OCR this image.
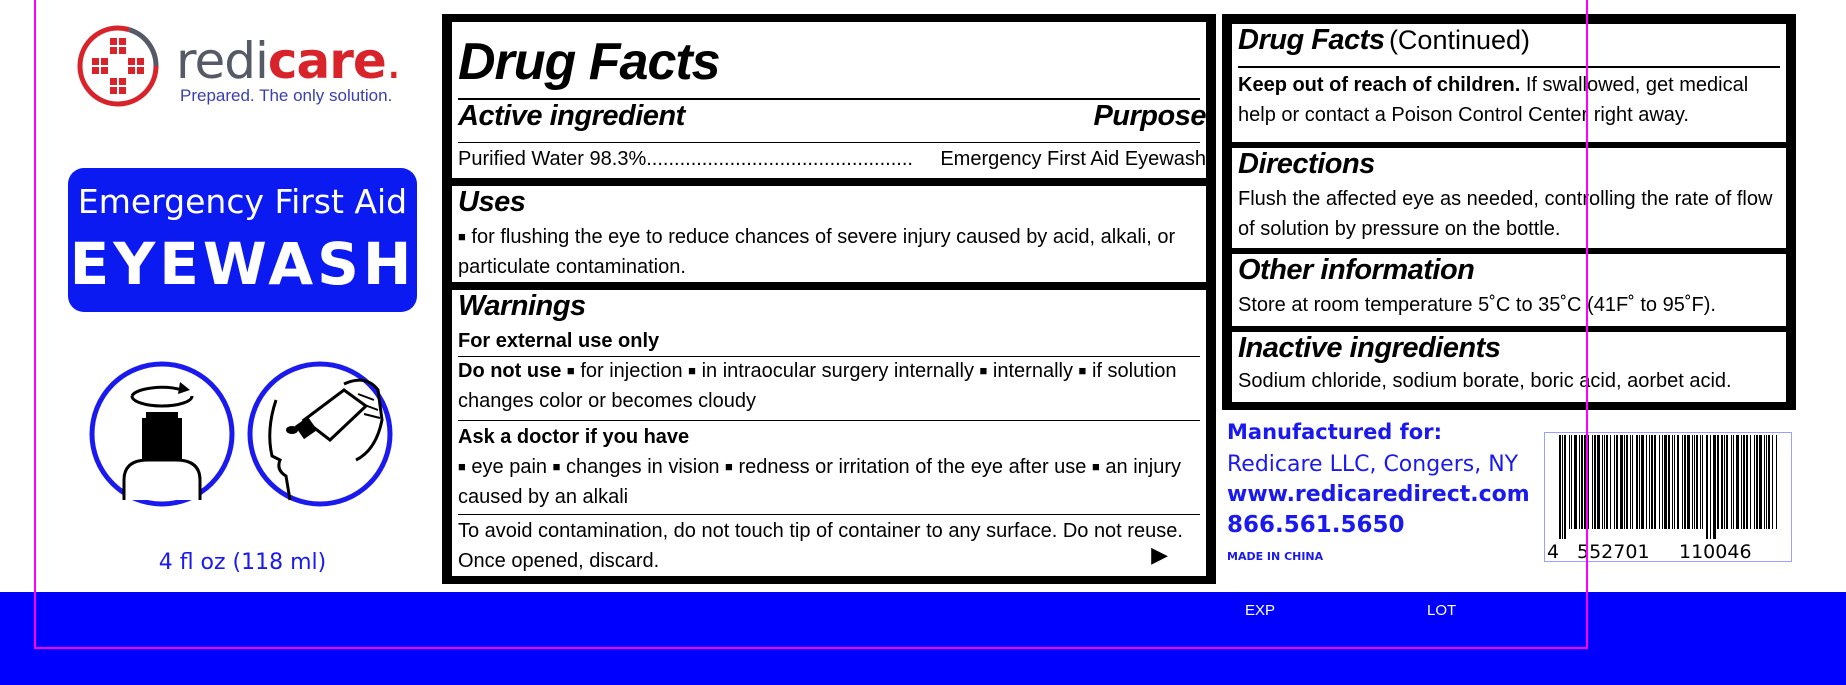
redicare.
Prepared. The only solution.
Emergency First Aid
EYEWASH
4 fl oz (118 ml)
Drug Facts
Active ingredient	Purpose
Purified Water 98.3% ................................................	Emergency First Aid Eyewash
Uses
■ for flushing the eye to reduce chances of severe injury caused by acid, alkali, or particulate contamination.
Warnings
For external use only
Do not use ■ for injection ■ in intraocular surgery internally ■ internally ■ if solution changes color or becomes cloudy
Ask a doctor if you have
■ eye pain ■ changes in vision ■ redness or irritation of the eye after use ■ an injury caused by an alkali
To avoid contamination, do not touch tip of container to any surface. Do not reuse. Once opened, discard.	▶
Drug Facts (Continued)
Keep out of reach of children. If swallowed, get medical help or contact a Poison Control Center right away.
Directions
Flush the affected eye as needed, controlling the rate of flow of solution by pressure on the bottle.
Other information
Store at room temperature 5˚C to 35˚C (41F˚ to 95˚F).
Inactive ingredients
Sodium chloride, sodium borate, boric acid, aorbet acid.
Manufactured for:
Redicare LLC, Congers, NY
www.redicaredirect.com
866.561.5650
MADE IN CHINA	4 552701 110046
EXP	LOT
